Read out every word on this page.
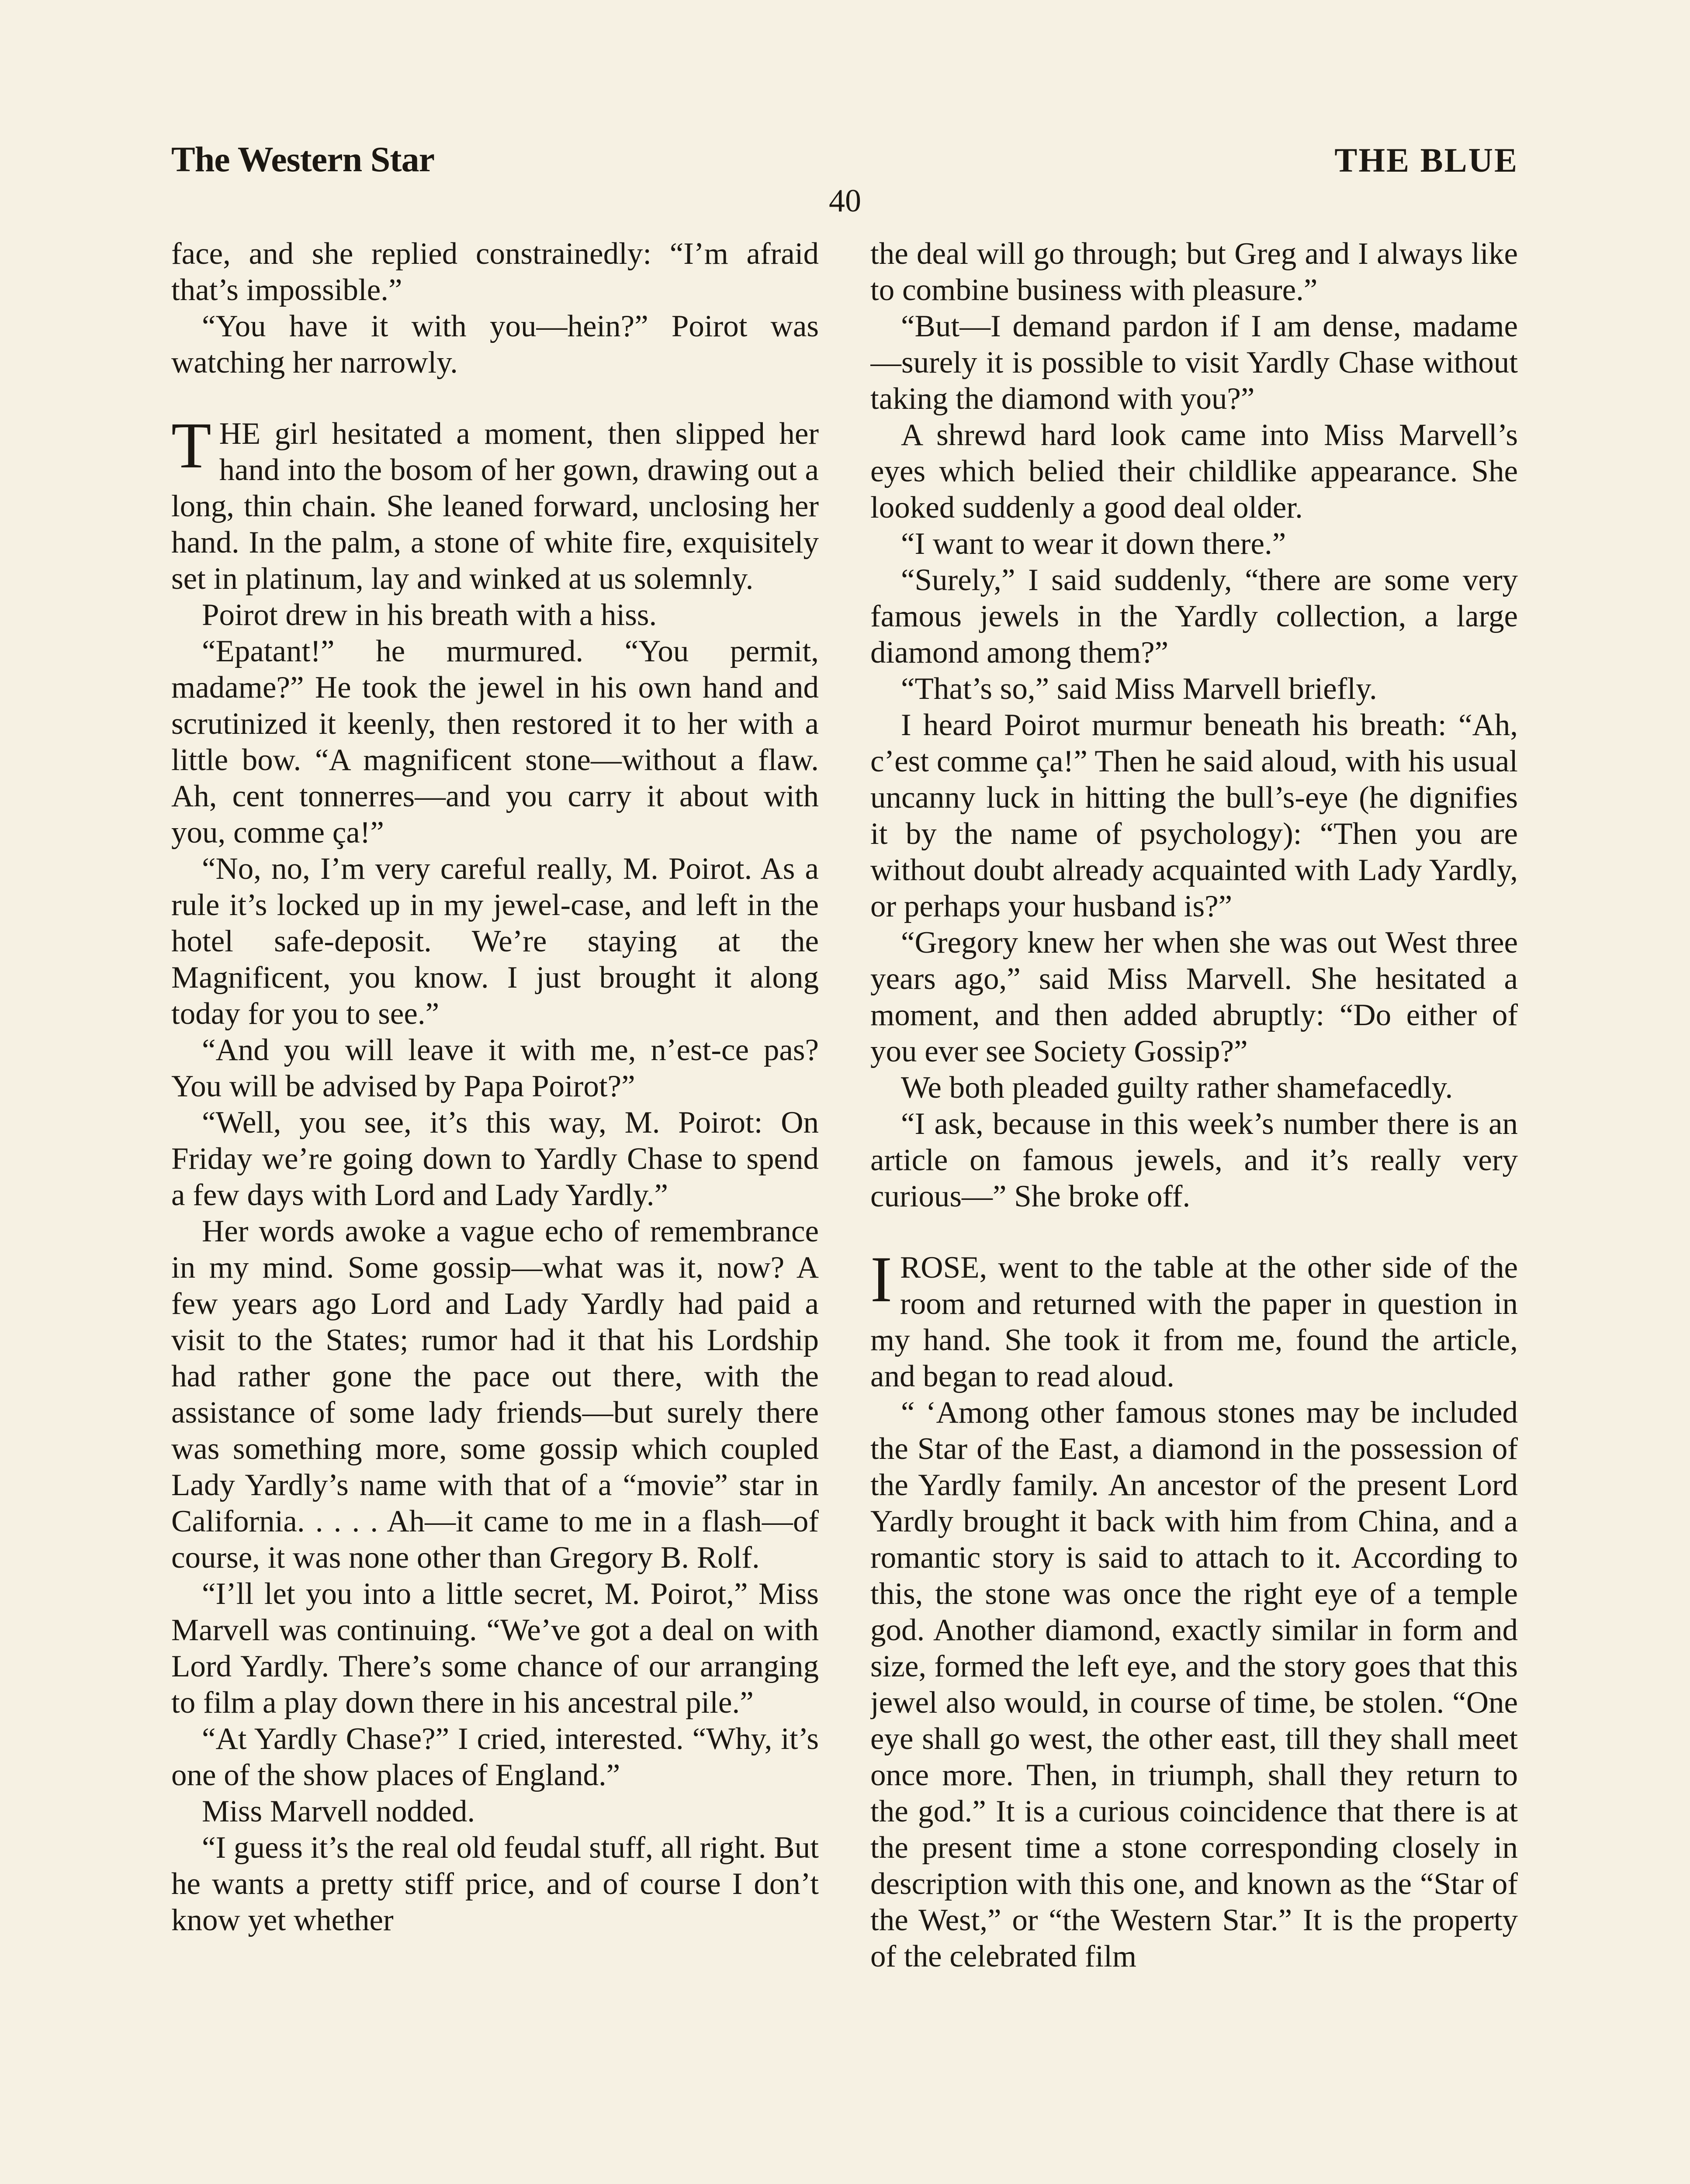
The Western Star	THE BLUE
40

face, and she replied constrainedly: “I’m afraid that’s impossible.”

“You have it with you—hein?” Poirot was watching her narrowly.

THE girl hesitated a moment, then slipped her hand into the bosom of her gown, drawing out a long, thin chain. She leaned forward, unclosing her hand. In the palm, a stone of white fire, exquisitely set in platinum, lay and winked at us solemnly.

Poirot drew in his breath with a hiss.

“Epatant!” he murmured. “You permit, madame?” He took the jewel in his own hand and scrutinized it keenly, then restored it to her with a little bow. “A magnificent stone—without a flaw. Ah, cent tonnerres—and you carry it about with you, comme ça!”

“No, no, I’m very careful really, M. Poirot. As a rule it’s locked up in my jewel-case, and left in the hotel safe-deposit. We’re staying at the Magnificent, you know. I just brought it along today for you to see.”

“And you will leave it with me, n’est-ce pas? You will be advised by Papa Poirot?”

“Well, you see, it’s this way, M. Poirot: On Friday we’re going down to Yardly Chase to spend a few days with Lord and Lady Yardly.”

Her words awoke a vague echo of remembrance in my mind. Some gossip—what was it, now? A few years ago Lord and Lady Yardly had paid a visit to the States; rumor had it that his Lordship had rather gone the pace out there, with the assistance of some lady friends—but surely there was something more, some gossip which coupled Lady Yardly’s name with that of a “movie” star in California. . . . . Ah—it came to me in a flash—of course, it was none other than Gregory B. Rolf.

“I’ll let you into a little secret, M. Poirot,” Miss Marvell was continuing. “We’ve got a deal on with Lord Yardly. There’s some chance of our arranging to film a play down there in his ancestral pile.”

“At Yardly Chase?” I cried, interested. “Why, it’s one of the show places of England.”

Miss Marvell nodded.

“I guess it’s the real old feudal stuff, all right. But he wants a pretty stiff price, and of course I don’t know yet whether

the deal will go through; but Greg and I always like to combine business with pleasure.”

“But—I demand pardon if I am dense, madame—surely it is possible to visit Yardly Chase without taking the diamond with you?”

A shrewd hard look came into Miss Marvell’s eyes which belied their childlike appearance. She looked suddenly a good deal older.

“I want to wear it down there.”

“Surely,” I said suddenly, “there are some very famous jewels in the Yardly collection, a large diamond among them?”

“That’s so,” said Miss Marvell briefly.

I heard Poirot murmur beneath his breath: “Ah, c’est comme ça!” Then he said aloud, with his usual uncanny luck in hitting the bull’s-eye (he dignifies it by the name of psychology): “Then you are without doubt already acquainted with Lady Yardly, or perhaps your husband is?”

“Gregory knew her when she was out West three years ago,” said Miss Marvell. She hesitated a moment, and then added abruptly: “Do either of you ever see Society Gossip?”

We both pleaded guilty rather shamefacedly.

“I ask, because in this week’s number there is an article on famous jewels, and it’s really very curious—” She broke off.

IROSE, went to the table at the other side of the room and returned with the paper in question in my hand. She took it from me, found the article, and began to read aloud.

“ ‘Among other famous stones may be included the Star of the East, a diamond in the possession of the Yardly family. An ancestor of the present Lord Yardly brought it back with him from China, and a romantic story is said to attach to it. According to this, the stone was once the right eye of a temple god. Another diamond, exactly similar in form and size, formed the left eye, and the story goes that this jewel also would, in course of time, be stolen. “One eye shall go west, the other east, till they shall meet once more. Then, in triumph, shall they return to the god.” It is a curious coincidence that there is at the present time a stone corresponding closely in description with this one, and known as the “Star of the West,” or “the Western Star.” It is the property of the celebrated film
